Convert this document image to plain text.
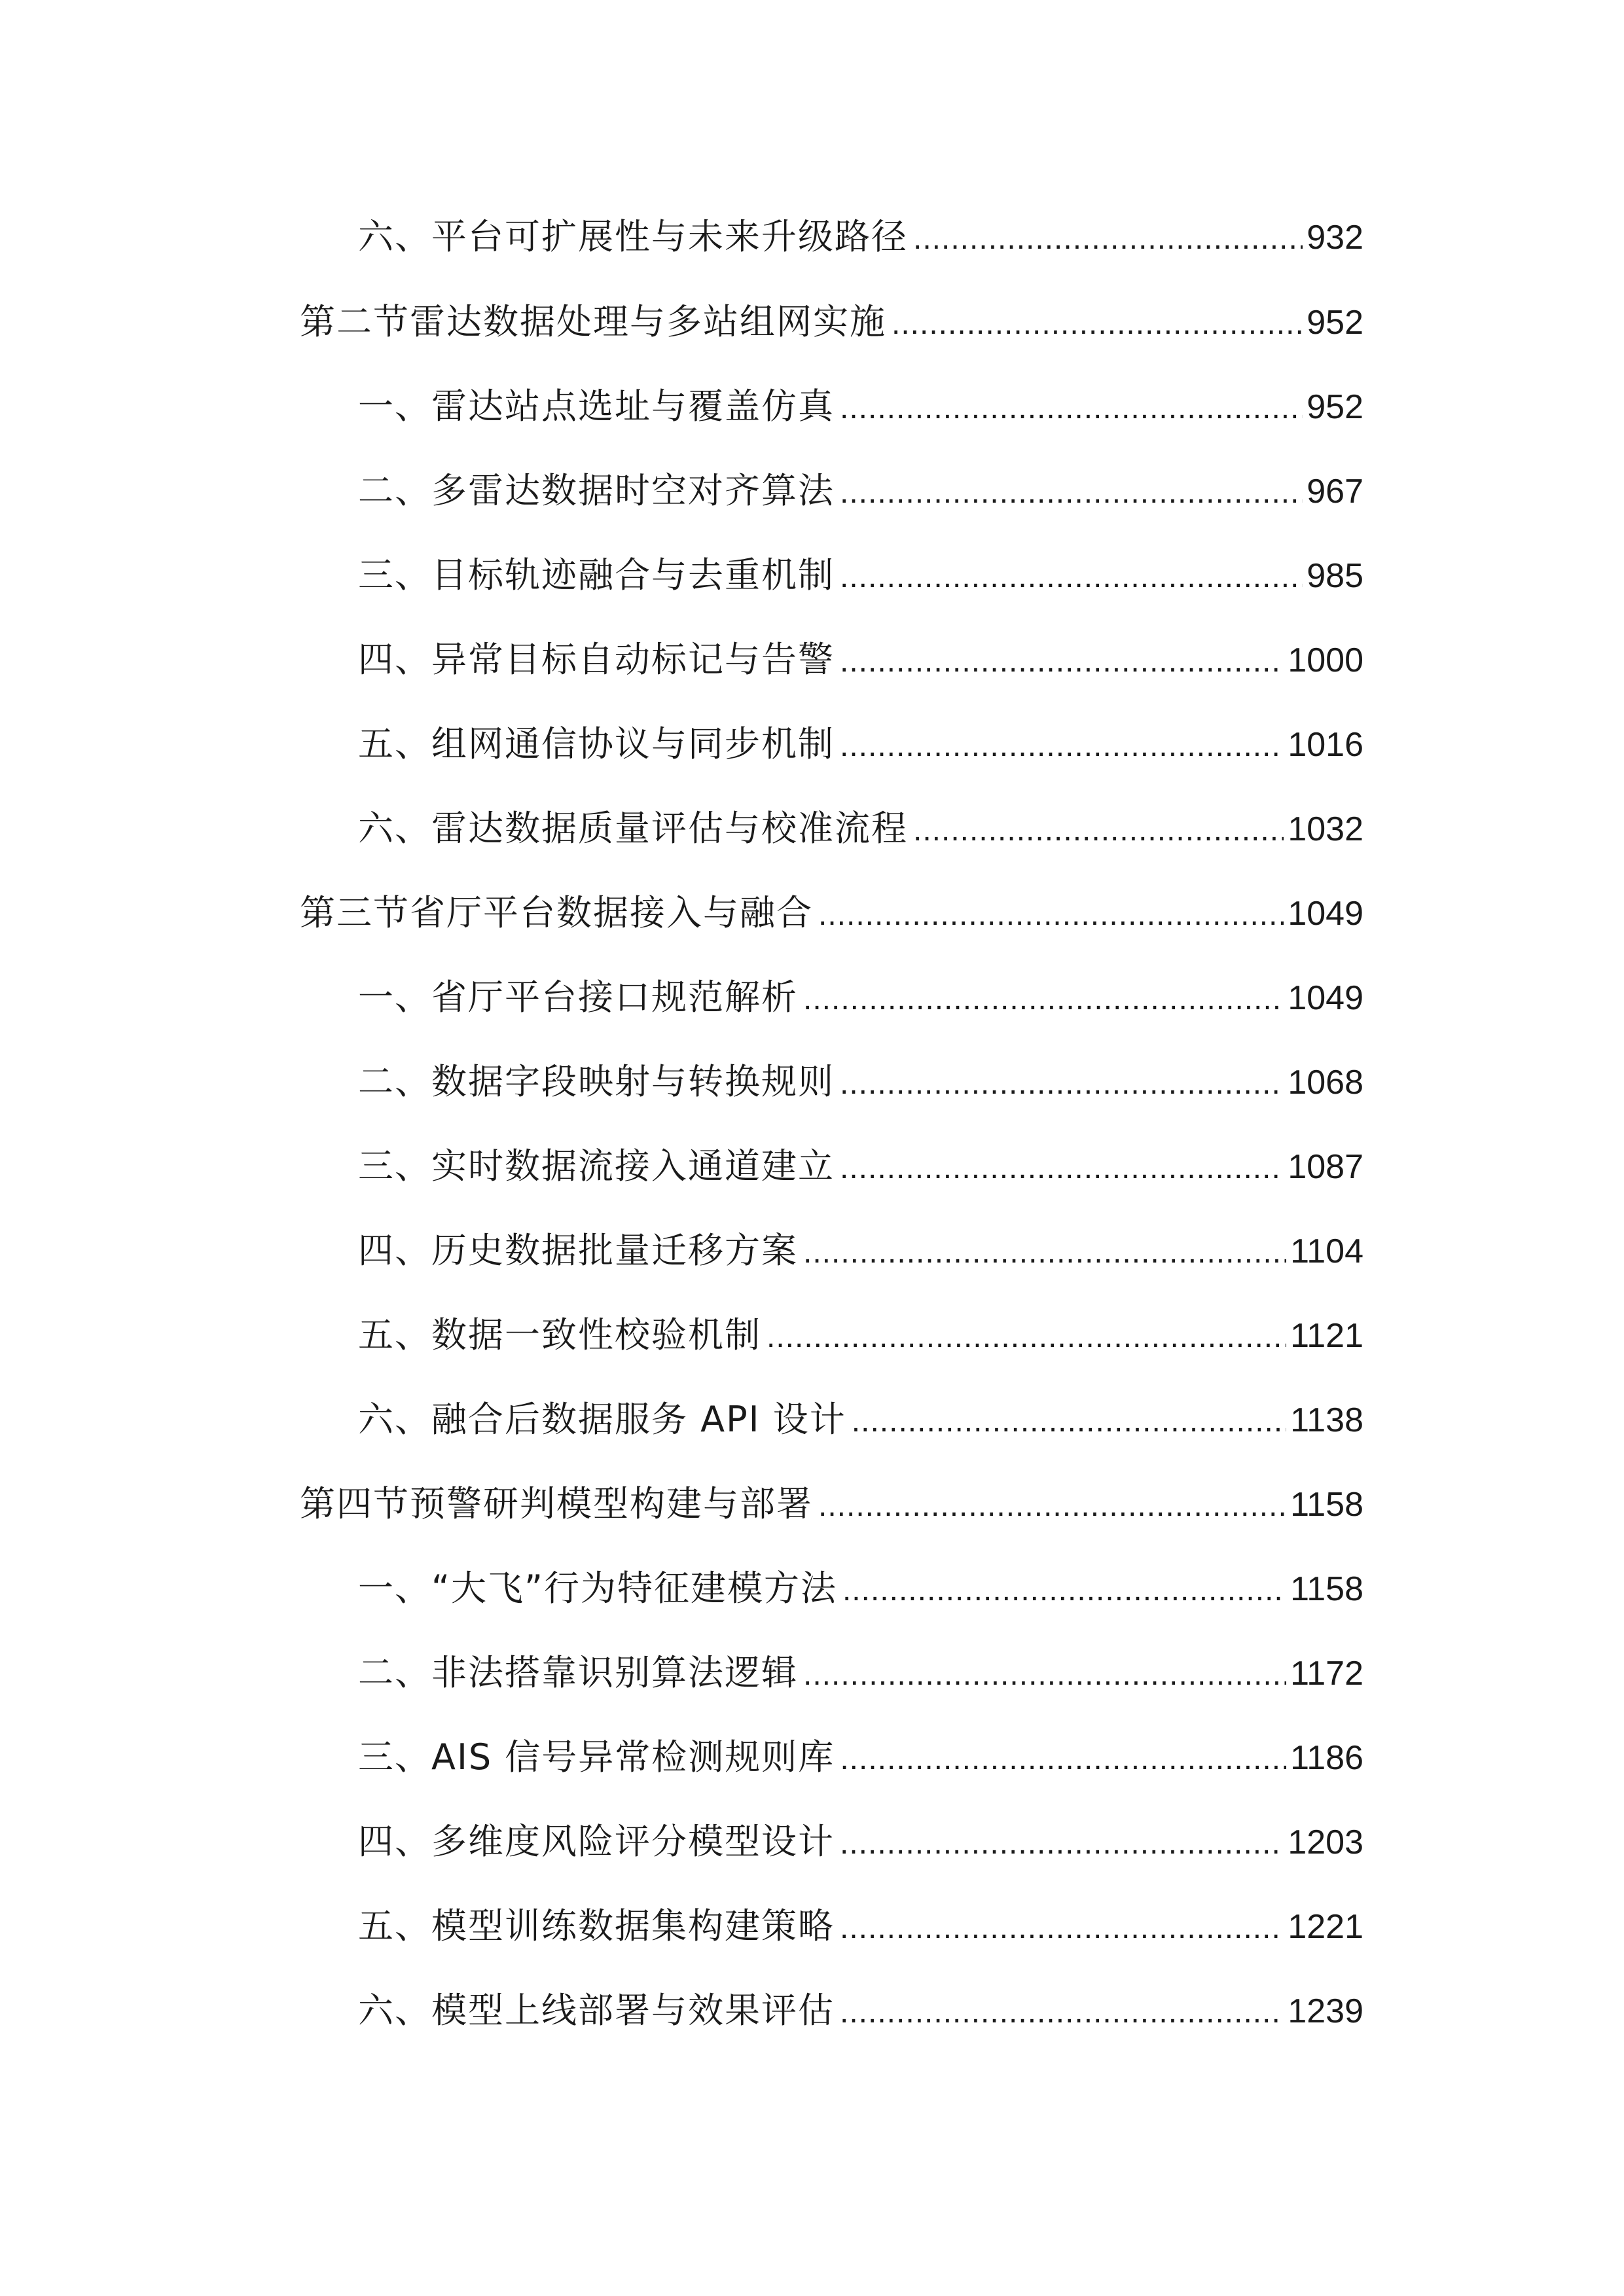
六、平台可扩展性与未来升级路径 .....	932
第二节雷达数据处理与多站组网实施 .....	952
一、雷达站点选址与覆盖仿真 .....	952
二、多雷达数据时空对齐算法 .....	967
三、目标轨迹融合与去重机制 .....	985
四、异常目标自动标记与告警 .....	1000
五、组网通信协议与同步机制 .....	1016
六、雷达数据质量评估与校准流程 .....	1032
第三节省厅平台数据接入与融合 .....	1049
一、省厅平台接口规范解析 .....	1049
二、数据字段映射与转换规则 .....	1068
三、实时数据流接入通道建立 .....	1087
四、历史数据批量迁移方案 .....	1104
五、数据一致性校验机制 .....	1121
六、融合后数据服务 API 设计 .....	1138
第四节预警研判模型构建与部署 .....	1158
一、“大飞”行为特征建模方法 .....	1158
二、非法搭靠识别算法逻辑 .....	1172
三、AIS 信号异常检测规则库 .....	1186
四、多维度风险评分模型设计 .....	1203
五、模型训练数据集构建策略 .....	1221
六、模型上线部署与效果评估 .....	1239
